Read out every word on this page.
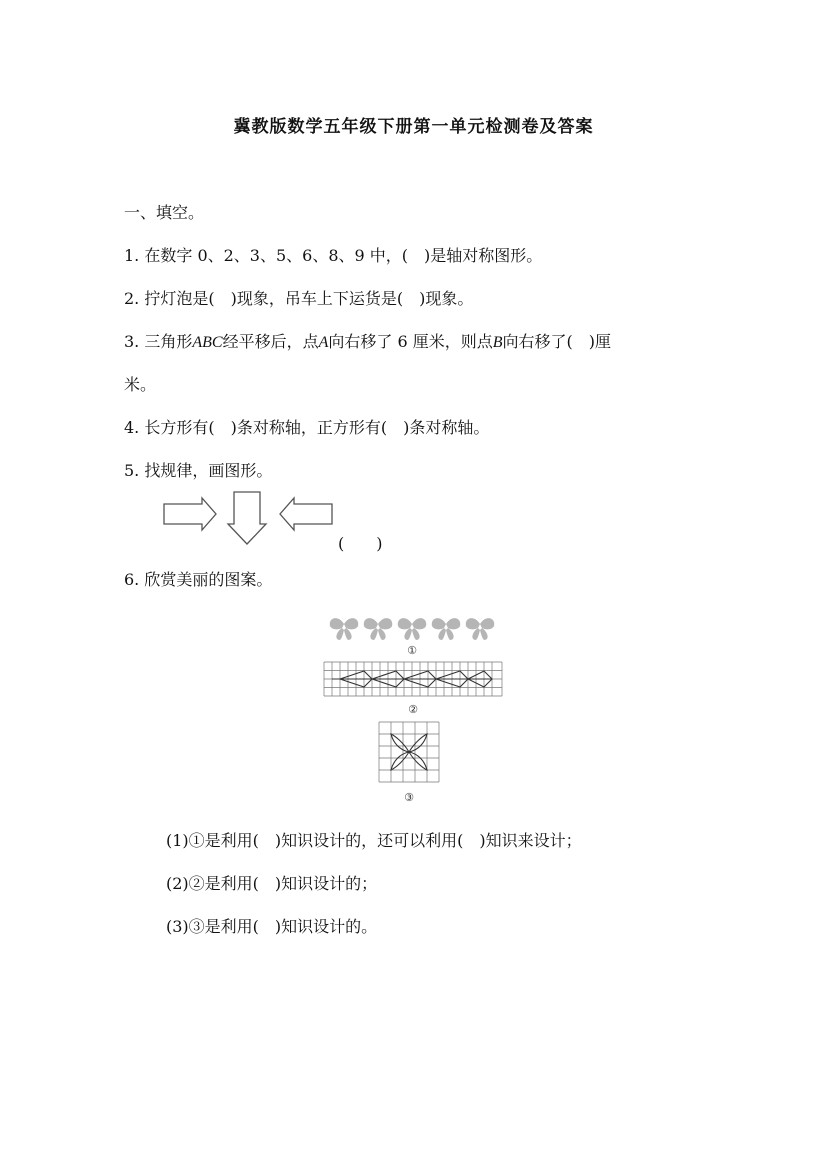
冀教版数学五年级下册第一单元检测卷及答案
一、填空。
1. 在数字 0、2、3、5、6、8、9 中，(　)是轴对称图形。
2. 拧灯泡是(　)现象，吊车上下运货是(　)现象。
3. 三角形ABC经平移后，点A向右移了 6 厘米，则点B向右移了(　)厘
米。
4. 长方形有(　)条对称轴，正方形有(　)条对称轴。
5. 找规律，画图形。
(　　)
6. 欣赏美丽的图案。
①
②
③
(1)①是利用(　)知识设计的，还可以利用(　)知识来设计；
(2)②是利用(　)知识设计的；
(3)③是利用(　)知识设计的。
